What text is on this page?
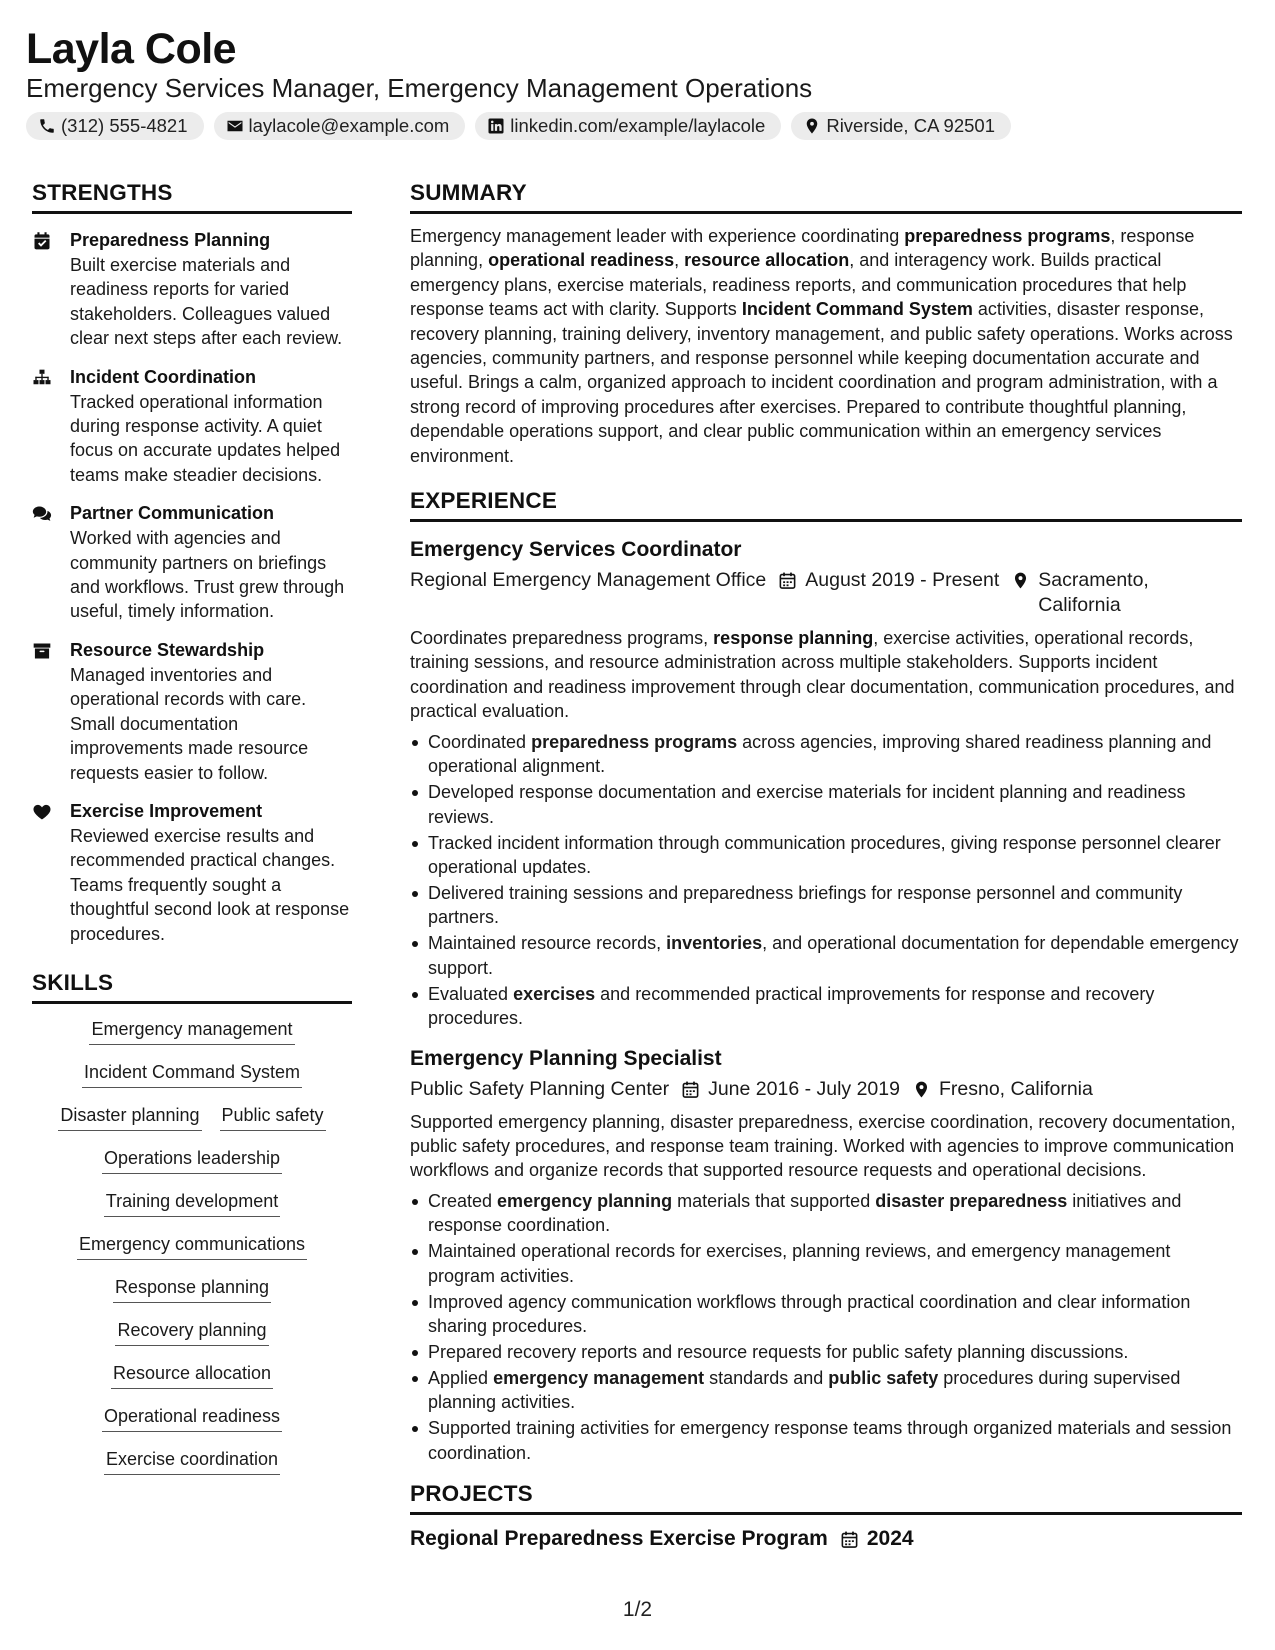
Layla Cole
Emergency Services Manager, Emergency Management Operations
(312) 555-4821	laylacole@example.com	linkedin.com/example/laylacole	Riverside, CA 92501
STRENGTHS
Preparedness Planning
Built exercise materials and readiness reports for varied stakeholders. Colleagues valued clear next steps after each review.
Incident Coordination
Tracked operational information during response activity. A quiet focus on accurate updates helped teams make steadier decisions.
Partner Communication
Worked with agencies and community partners on briefings and workflows. Trust grew through useful, timely information.
Resource Stewardship
Managed inventories and operational records with care. Small documentation improvements made resource requests easier to follow.
Exercise Improvement
Reviewed exercise results and recommended practical changes. Teams frequently sought a thoughtful second look at response procedures.
SKILLS
Emergency management
Incident Command System
Disaster planning Public safety
Operations leadership
Training development
Emergency communications
Response planning
Recovery planning
Resource allocation
Operational readiness
Exercise coordination
SUMMARY
Emergency management leader with experience coordinating preparedness programs, response planning, operational readiness, resource allocation, and interagency work. Builds practical emergency plans, exercise materials, readiness reports, and communication procedures that help response teams act with clarity. Supports Incident Command System activities, disaster response, recovery planning, training delivery, inventory management, and public safety operations. Works across agencies, community partners, and response personnel while keeping documentation accurate and useful. Brings a calm, organized approach to incident coordination and program administration, with a strong record of improving procedures after exercises. Prepared to contribute thoughtful planning, dependable operations support, and clear public communication within an emergency services environment.
EXPERIENCE
Emergency Services Coordinator
Regional Emergency Management Office August 2019 - Present Sacramento, California
Coordinates preparedness programs, response planning, exercise activities, operational records, training sessions, and resource administration across multiple stakeholders. Supports incident coordination and readiness improvement through clear documentation, communication procedures, and practical evaluation.
Coordinated preparedness programs across agencies, improving shared readiness planning and operational alignment.
Developed response documentation and exercise materials for incident planning and readiness reviews.
Tracked incident information through communication procedures, giving response personnel clearer operational updates.
Delivered training sessions and preparedness briefings for response personnel and community partners.
Maintained resource records, inventories, and operational documentation for dependable emergency support.
Evaluated exercises and recommended practical improvements for response and recovery procedures.
Emergency Planning Specialist
Public Safety Planning Center June 2016 - July 2019 Fresno, California
Supported emergency planning, disaster preparedness, exercise coordination, recovery documentation, public safety procedures, and response team training. Worked with agencies to improve communication workflows and organize records that supported resource requests and operational decisions.
Created emergency planning materials that supported disaster preparedness initiatives and response coordination.
Maintained operational records for exercises, planning reviews, and emergency management program activities.
Improved agency communication workflows through practical coordination and clear information sharing procedures.
Prepared recovery reports and resource requests for public safety planning discussions.
Applied emergency management standards and public safety procedures during supervised planning activities.
Supported training activities for emergency response teams through organized materials and session coordination.
PROJECTS
Regional Preparedness Exercise Program 2024
1/2
